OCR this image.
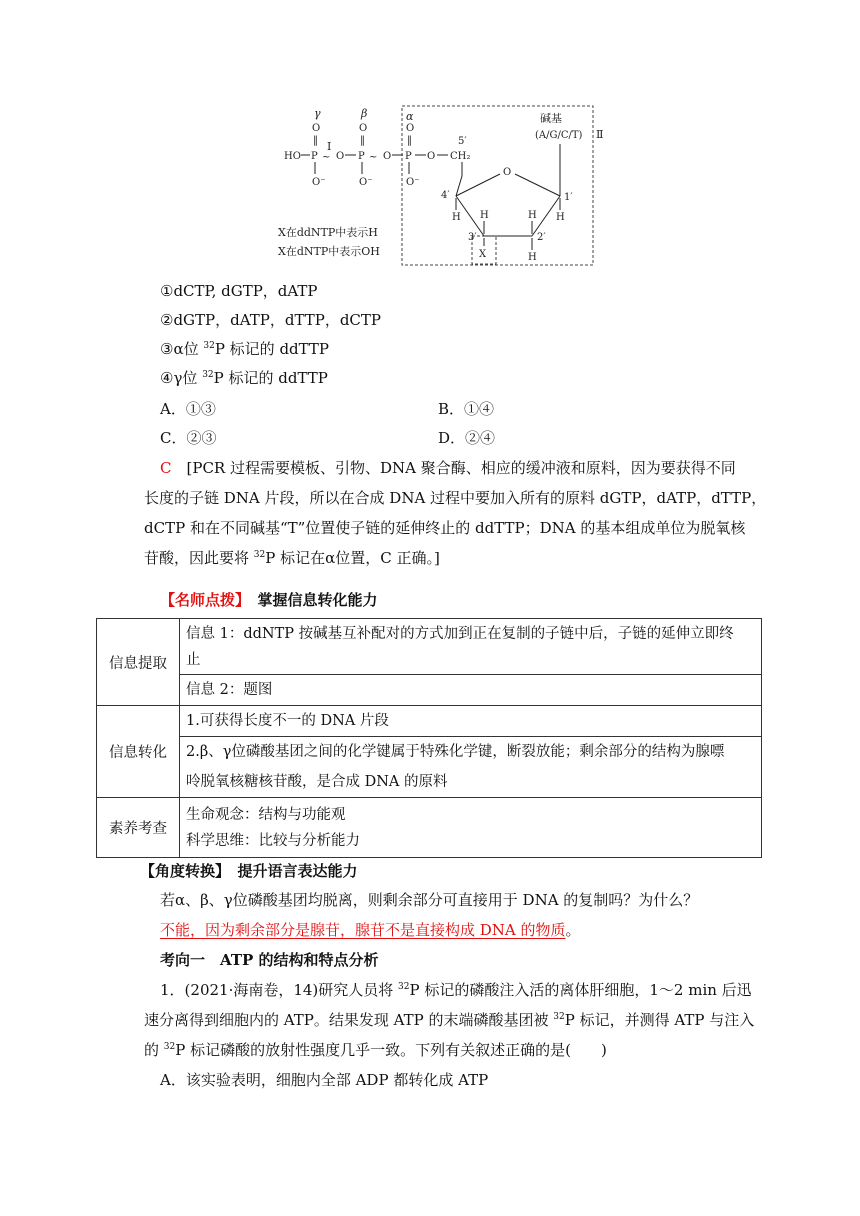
γ	β	α
O	O	O
‖	‖	‖
Ⅰ
HO P ~ O P ~ O P O CH₂
O⁻	O⁻	O⁻
5′
碱基
(A/G/C/T) Ⅱ
O
4′	1′
3′	2′
H	H
H	H
X	H
X在ddNTP中表示H
X在dNTP中表示OH
①dCTP, dGTP，dATP
②dGTP，dATP，dTTP，dCTP
③α位 $^{32}$P 标记的 ddTTP
④γ位 $^{32}$P 标记的 ddTTP
A．①③	B．①④
C．②③	D．②④
C　 [PCR 过程需要模板、引物、DNA 聚合酶、相应的缓冲液和原料，因为要获得不同
长度的子链 DNA 片段，所以在合成 DNA 过程中要加入所有的原料 dGTP，dATP，dTTP，
dCTP 和在不同碱基“T”位置使子链的延伸终止的 ddTTP；DNA 的基本组成单位为脱氧核
苷酸，因此要将 $^{32}$P 标记在α位置，C 正确。]
【名师点拨】　 掌握信息转化能力
信息提取	信息 1：ddNTP 按碱基互补配对的方式加到正在复制的子链中后，子链的延伸立即终
止
	信息 2：题图
信息转化	1.可获得长度不一的 DNA 片段
	2.β、γ位磷酸基团之间的化学键属于特殊化学键，断裂放能；剩余部分的结构为腺嘌
呤脱氧核糖核苷酸，是合成 DNA 的原料
素养考查	生命观念：结构与功能观
科学思维：比较与分析能力
【角度转换】　 提升语言表达能力
若α、β、γ位磷酸基团均脱离，则剩余部分可直接用于 DNA 的复制吗？为什么？
不能，因为剩余部分是腺苷，腺苷不是直接构成 DNA 的物质。
考向一　ATP 的结构和特点分析
1．(2021·海南卷，14)研究人员将 $^{32}$P 标记的磷酸注入活的离体肝细胞，1～2 min 后迅
速分离得到细胞内的 ATP。结果发现 ATP 的末端磷酸基团被 $^{32}$P 标记，并测得 ATP 与注入
的 $^{32}$P 标记磷酸的放射性强度几乎一致。下列有关叙述正确的是(　　)
A．该实验表明，细胞内全部 ADP 都转化成 ATP
